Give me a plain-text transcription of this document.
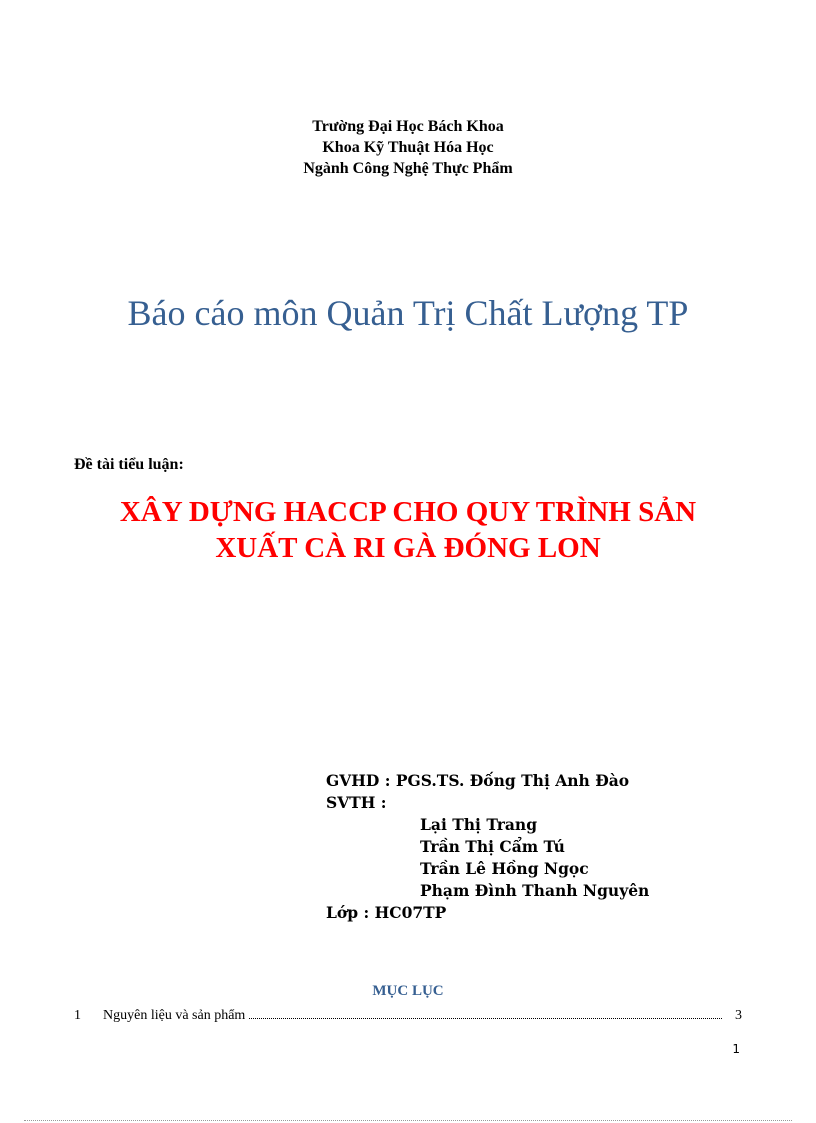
Trường Đại Học Bách Khoa
Khoa Kỹ Thuật Hóa Học
Ngành Công Nghệ Thực Phẩm
Báo cáo môn Quản Trị Chất Lượng TP
Đề tài tiểu luận:
XÂY DỰNG HACCP CHO QUY TRÌNH SẢN
XUẤT CÀ RI GÀ ĐÓNG LON
GVHD : PGS.TS. Đống Thị Anh Đào
SVTH :
Lại Thị Trang
Trần Thị Cẩm Tú
Trần Lê Hồng Ngọc
Phạm Đình Thanh Nguyên
Lớp : HC07TP
MỤC LỤC
1	Nguyên liệu và sản phẩm	3
1
